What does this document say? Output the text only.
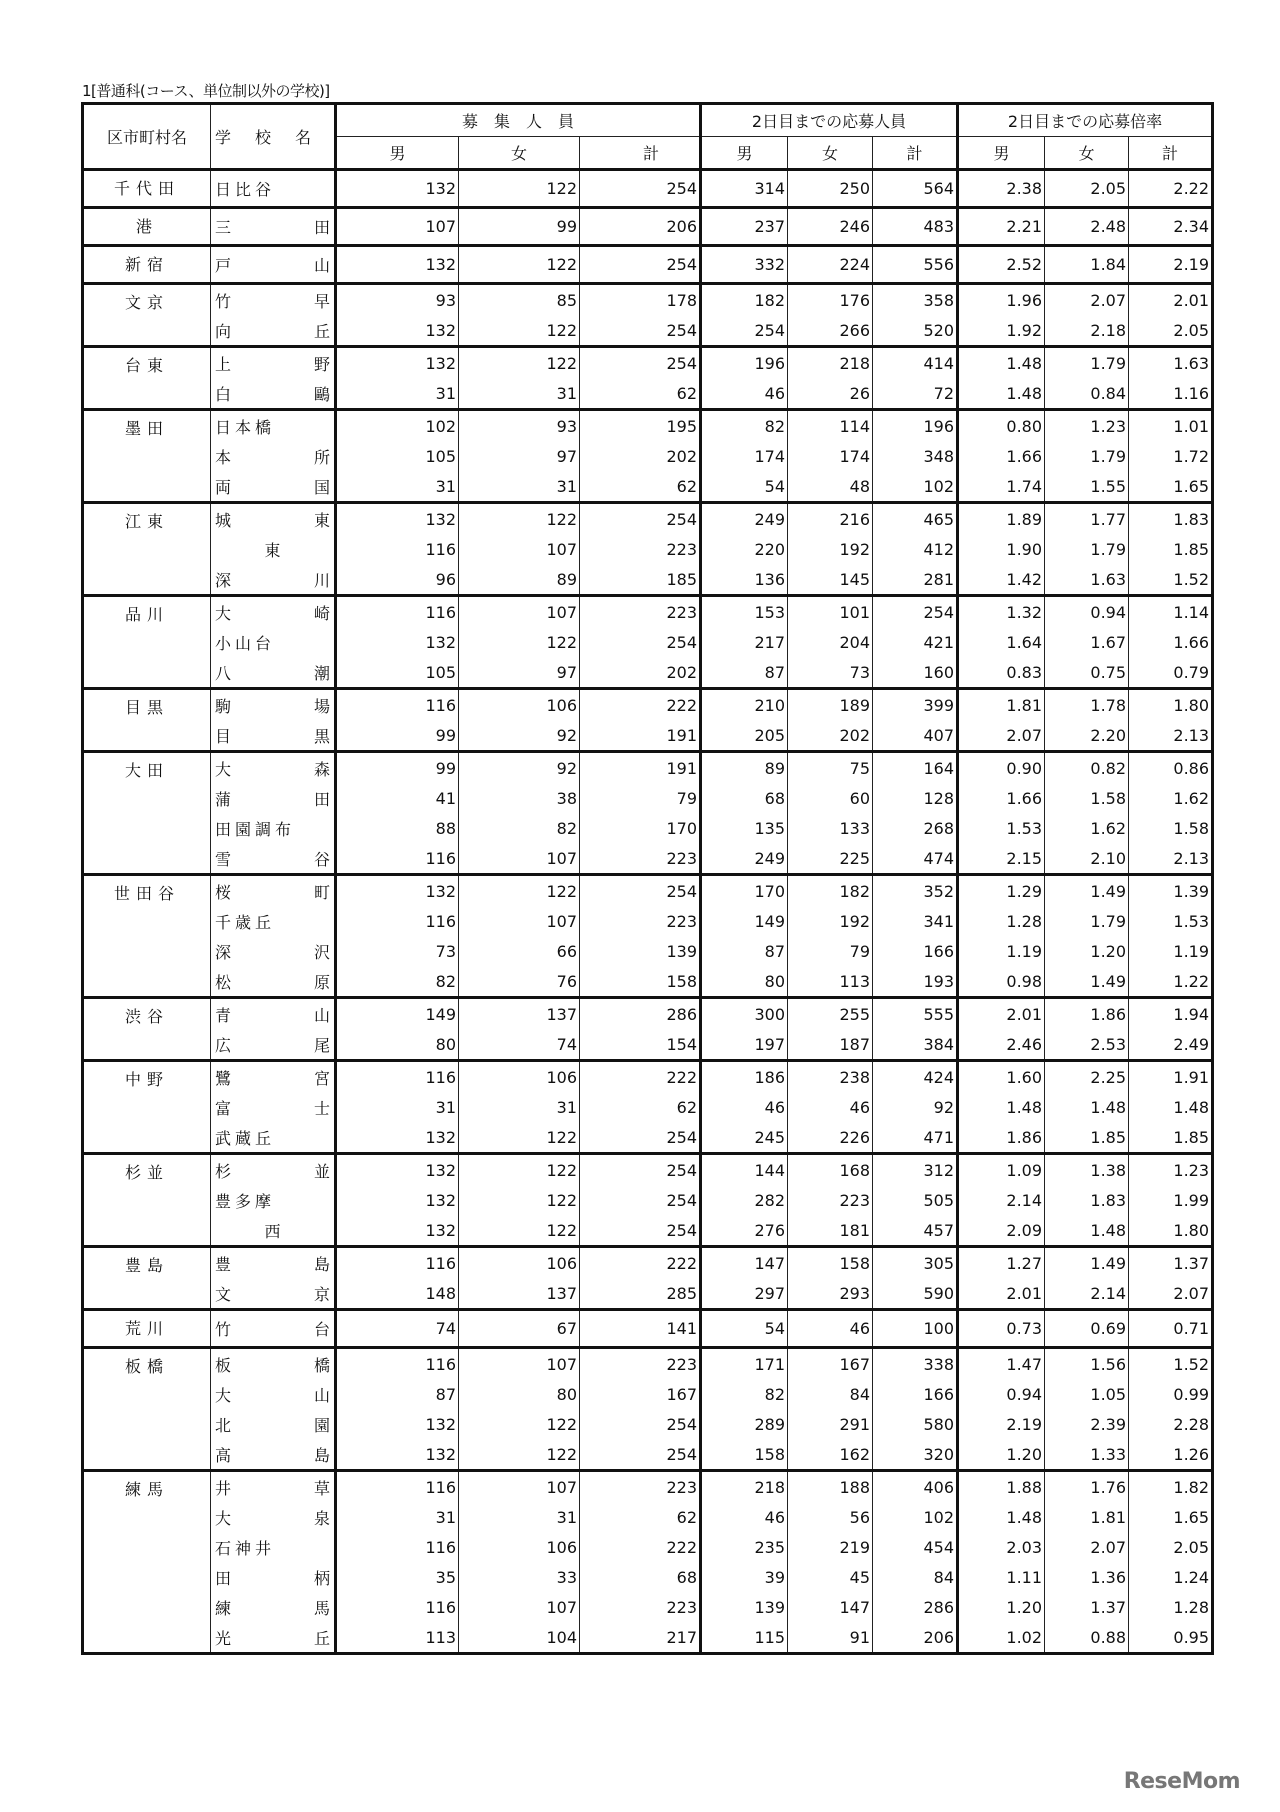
1[普通科(コース、単位制以外の学校)]
区市町村名	学　校　名	募　集　人　員			2日目までの応募人員			2日目までの応募倍率		
		男	女	計	男	女	計	男	女	計
千代田	日比谷	132	122	254	314	250	564	2.38	2.05	2.22
港	三 田	107	99	206	237	246	483	2.21	2.48	2.34
新宿	戸 山	132	122	254	332	224	556	2.52	1.84	2.19
文京	竹 早	93	85	178	182	176	358	1.96	2.07	2.01

	向 丘	132	122	254	254	266	520	1.92	2.18	2.05
台東	上 野	132	122	254	196	218	414	1.48	1.79	1.63

	白 鷗	31	31	62	46	26	72	1.48	0.84	1.16
墨田	日本橋	102	93	195	82	114	196	0.80	1.23	1.01

	本 所	105	97	202	174	174	348	1.66	1.79	1.72

	両 国	31	31	62	54	48	102	1.74	1.55	1.65
江東	城 東	132	122	254	249	216	465	1.89	1.77	1.83

	東	116	107	223	220	192	412	1.90	1.79	1.85

	深 川	96	89	185	136	145	281	1.42	1.63	1.52
品川	大 崎	116	107	223	153	101	254	1.32	0.94	1.14
	小山台	132	122	254	217	204	421	1.64	1.67	1.66

	八 潮	105	97	202	87	73	160	0.83	0.75	0.79
目黒	駒 場	116	106	222	210	189	399	1.81	1.78	1.80

	目 黒	99	92	191	205	202	407	2.07	2.20	2.13
大田	大 森	99	92	191	89	75	164	0.90	0.82	0.86

	蒲 田	41	38	79	68	60	128	1.66	1.58	1.62
	田園調布	88	82	170	135	133	268	1.53	1.62	1.58

	雪 谷	116	107	223	249	225	474	2.15	2.10	2.13
世田谷	桜 町	132	122	254	170	182	352	1.29	1.49	1.39
	千歳丘	116	107	223	149	192	341	1.28	1.79	1.53

	深 沢	73	66	139	87	79	166	1.19	1.20	1.19

	松 原	82	76	158	80	113	193	0.98	1.49	1.22
渋谷	青 山	149	137	286	300	255	555	2.01	1.86	1.94

	広 尾	80	74	154	197	187	384	2.46	2.53	2.49
中野	鷺 宮	116	106	222	186	238	424	1.60	2.25	1.91

	富 士	31	31	62	46	46	92	1.48	1.48	1.48
	武蔵丘	132	122	254	245	226	471	1.86	1.85	1.85
杉並	杉 並	132	122	254	144	168	312	1.09	1.38	1.23
	豊多摩	132	122	254	282	223	505	2.14	1.83	1.99

	西	132	122	254	276	181	457	2.09	1.48	1.80
豊島	豊 島	116	106	222	147	158	305	1.27	1.49	1.37

	文 京	148	137	285	297	293	590	2.01	2.14	2.07
荒川	竹 台	74	67	141	54	46	100	0.73	0.69	0.71
板橋	板 橋	116	107	223	171	167	338	1.47	1.56	1.52

	大 山	87	80	167	82	84	166	0.94	1.05	0.99

	北 園	132	122	254	289	291	580	2.19	2.39	2.28

	高 島	132	122	254	158	162	320	1.20	1.33	1.26
練馬	井 草	116	107	223	218	188	406	1.88	1.76	1.82

	大 泉	31	31	62	46	56	102	1.48	1.81	1.65
	石神井	116	106	222	235	219	454	2.03	2.07	2.05

	田 柄	35	33	68	39	45	84	1.11	1.36	1.24

	練 馬	116	107	223	139	147	286	1.20	1.37	1.28

	光 丘	113	104	217	115	91	206	1.02	0.88	0.95
ReseMom
